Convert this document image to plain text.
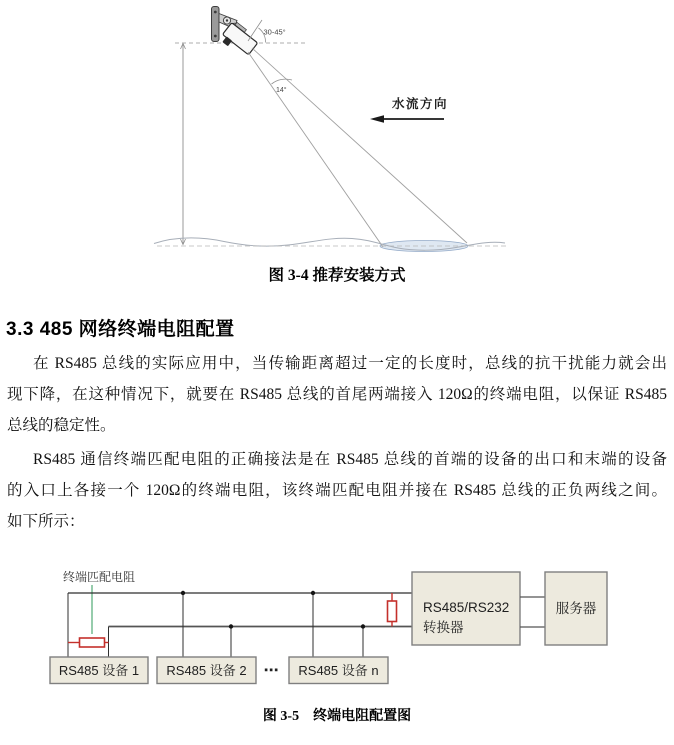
30-45°
14°
水流方向
图 3-4 推荐安装方式
3.3 485 网络终端电阻配置
在 RS485 总线的实际应用中，当传输距离超过一定的长度时，总线的抗干扰能力就会出
现下降，在这种情况下，就要在 RS485 总线的首尾两端接入 120Ω的终端电阻，以保证 RS485
总线的稳定性。
RS485 通信终端匹配电阻的正确接法是在 RS485 总线的首端的设备的出口和末端的设备
的入口上各接一个 120Ω的终端电阻，该终端匹配电阻并接在 RS485 总线的正负两线之间。
如下所示：
终端匹配电阻
RS485 设备 1 RS485 设备 2 ⋯ RS485 设备 n
RS485/RS232
转换器
服务器
图 3-5　终端电阻配置图
